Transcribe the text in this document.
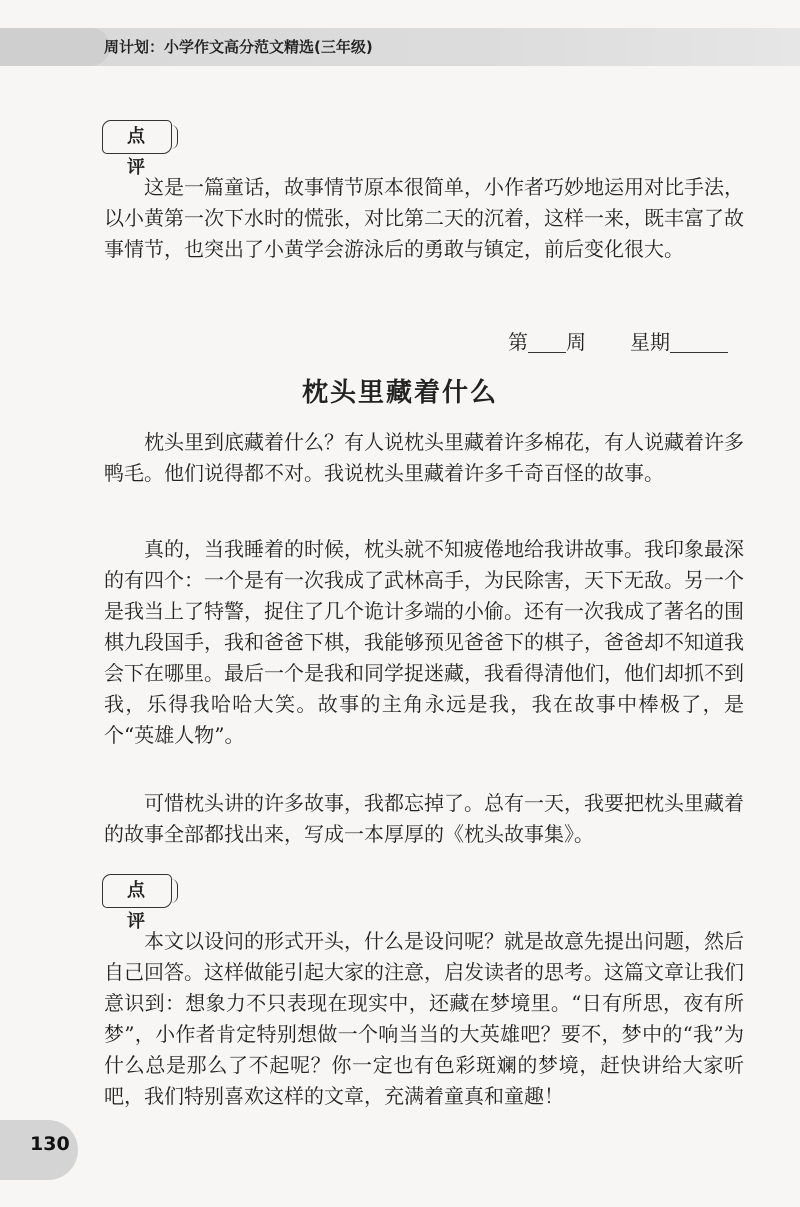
周计划：小学作文高分范文精选(三年级)
点 评

这是一篇童话，故事情节原本很简单，小作者巧妙地运用对比手法，以小黄第一次下水时的慌张，对比第二天的沉着，这样一来，既丰富了故事情节，也突出了小黄学会游泳后的勇敢与镇定，前后变化很大。

第 周 星期
枕头里藏着什么

枕头里到底藏着什么？有人说枕头里藏着许多棉花，有人说藏着许多鸭毛。他们说得都不对。我说枕头里藏着许多千奇百怪的故事。

真的，当我睡着的时候，枕头就不知疲倦地给我讲故事。我印象最深的有四个：一个是有一次我成了武林高手，为民除害，天下无敌。另一个是我当上了特警，捉住了几个诡计多端的小偷。还有一次我成了著名的围棋九段国手，我和爸爸下棋，我能够预见爸爸下的棋子，爸爸却不知道我会下在哪里。最后一个是我和同学捉迷藏，我看得清他们，他们却抓不到我，乐得我哈哈大笑。故事的主角永远是我，我在故事中棒极了，是个“英雄人物”。

可惜枕头讲的许多故事，我都忘掉了。总有一天，我要把枕头里藏着的故事全部都找出来，写成一本厚厚的《枕头故事集》。

点 评

本文以设问的形式开头，什么是设问呢？就是故意先提出问题，然后自己回答。这样做能引起大家的注意，启发读者的思考。这篇文章让我们意识到：想象力不只表现在现实中，还藏在梦境里。“日有所思，夜有所梦”，小作者肯定特别想做一个响当当的大英雄吧？要不，梦中的“我”为什么总是那么了不起呢？你一定也有色彩斑斓的梦境，赶快讲给大家听吧，我们特别喜欢这样的文章，充满着童真和童趣！

130
